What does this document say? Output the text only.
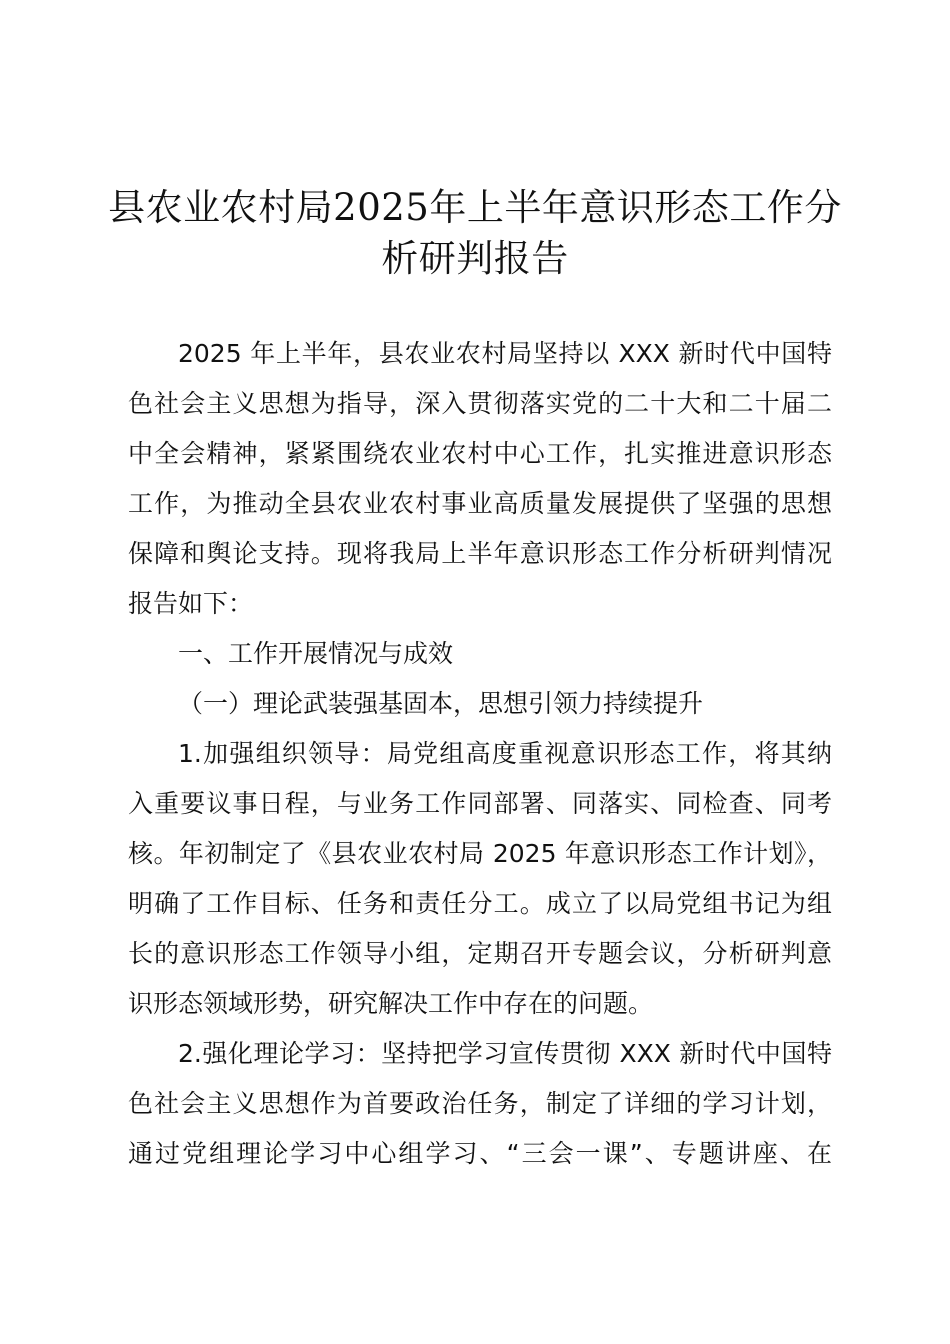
县农业农村局2025年上半年意识形态工作分
析研判报告
2025 年上半年，县农业农村局坚持以 XXX 新时代中国特
色社会主义思想为指导，深入贯彻落实党的二十大和二十届二
中全会精神，紧紧围绕农业农村中心工作，扎实推进意识形态
工作，为推动全县农业农村事业高质量发展提供了坚强的思想
保障和舆论支持。现将我局上半年意识形态工作分析研判情况
报告如下：
一、工作开展情况与成效
（一）理论武装强基固本，思想引领力持续提升
1.加强组织领导：局党组高度重视意识形态工作，将其纳
入重要议事日程，与业务工作同部署、同落实、同检查、同考
核。年初制定了《县农业农村局 2025 年意识形态工作计划》，
明确了工作目标、任务和责任分工。成立了以局党组书记为组
长的意识形态工作领导小组，定期召开专题会议，分析研判意
识形态领域形势，研究解决工作中存在的问题。
2.强化理论学习：坚持把学习宣传贯彻 XXX 新时代中国特
色社会主义思想作为首要政治任务，制定了详细的学习计划，
通过党组理论学习中心组学习、“三会一课”、专题讲座、在
